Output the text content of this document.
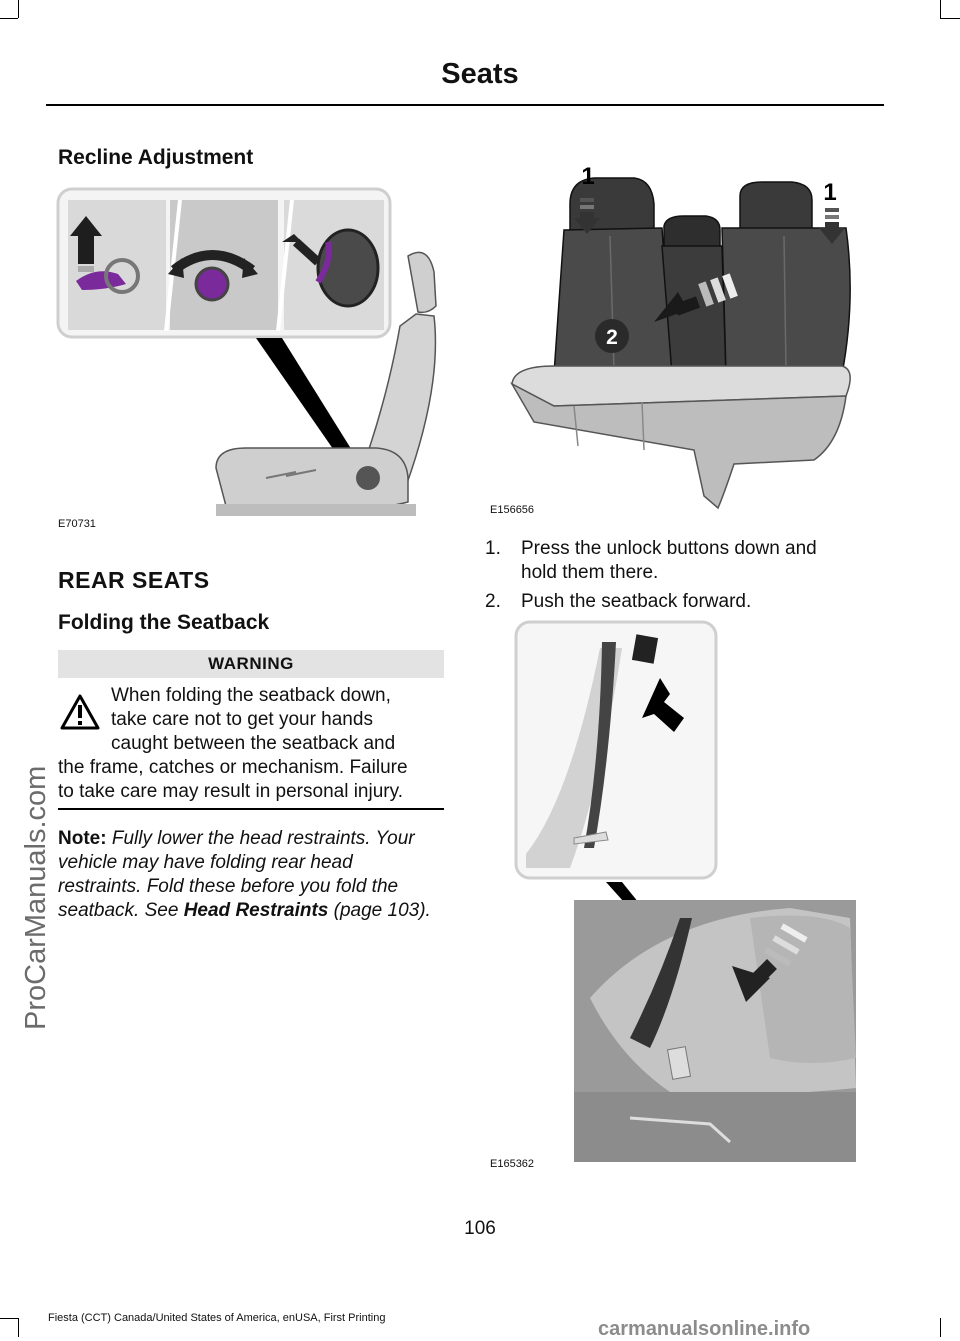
Seats
Recline Adjustment
E70731
REAR SEATS
Folding the Seatback
WARNING
When folding the seatback down,
take care not to get your hands
caught between the seatback and
the frame, catches or mechanism. Failure
to take care may result in personal injury.
Note: Fully lower the head restraints. Your
vehicle may have folding rear head
restraints. Fold these before you fold the
seatback. See Head Restraints (page 103).
2
1
1
E156656
1. Press the unlock buttons down and
hold them there.
2. Push the seatback forward.
E165362
ProCarManuals.com
106
Fiesta (CCT) Canada/United States of America, enUSA, First Printing	carmanualsonline.info
